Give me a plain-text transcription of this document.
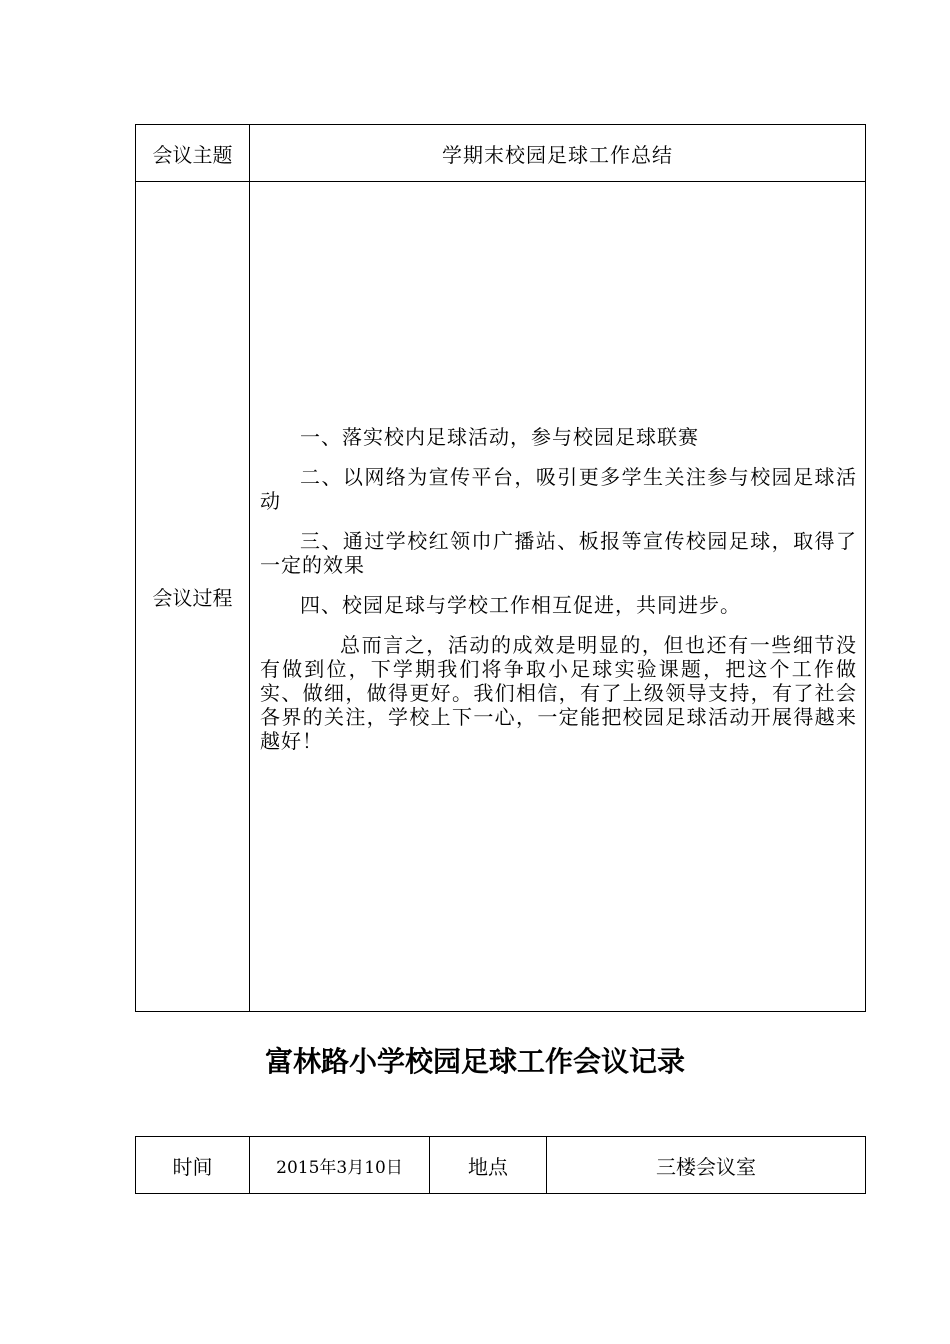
会议主题	学期末校园足球工作总结
会议过程	一、落实校内足球活动，参与校园足球联赛

二、以网络为宣传平台，吸引更多学生关注参与校园足球活动

三、通过学校红领巾广播站、板报等宣传校园足球，取得了一定的效果

四、校园足球与学校工作相互促进，共同进步。

总而言之，活动的成效是明显的，但也还有一些细节没有做到位，下学期我们将争取小足球实验课题，把这个工作做实、做细，做得更好。我们相信，有了上级领导支持，有了社会各界的关注，学校上下一心，一定能把校园足球活动开展得越来越好！

富林路小学校园足球工作会议记录
时间	2015年3月10日	地点	三楼会议室
